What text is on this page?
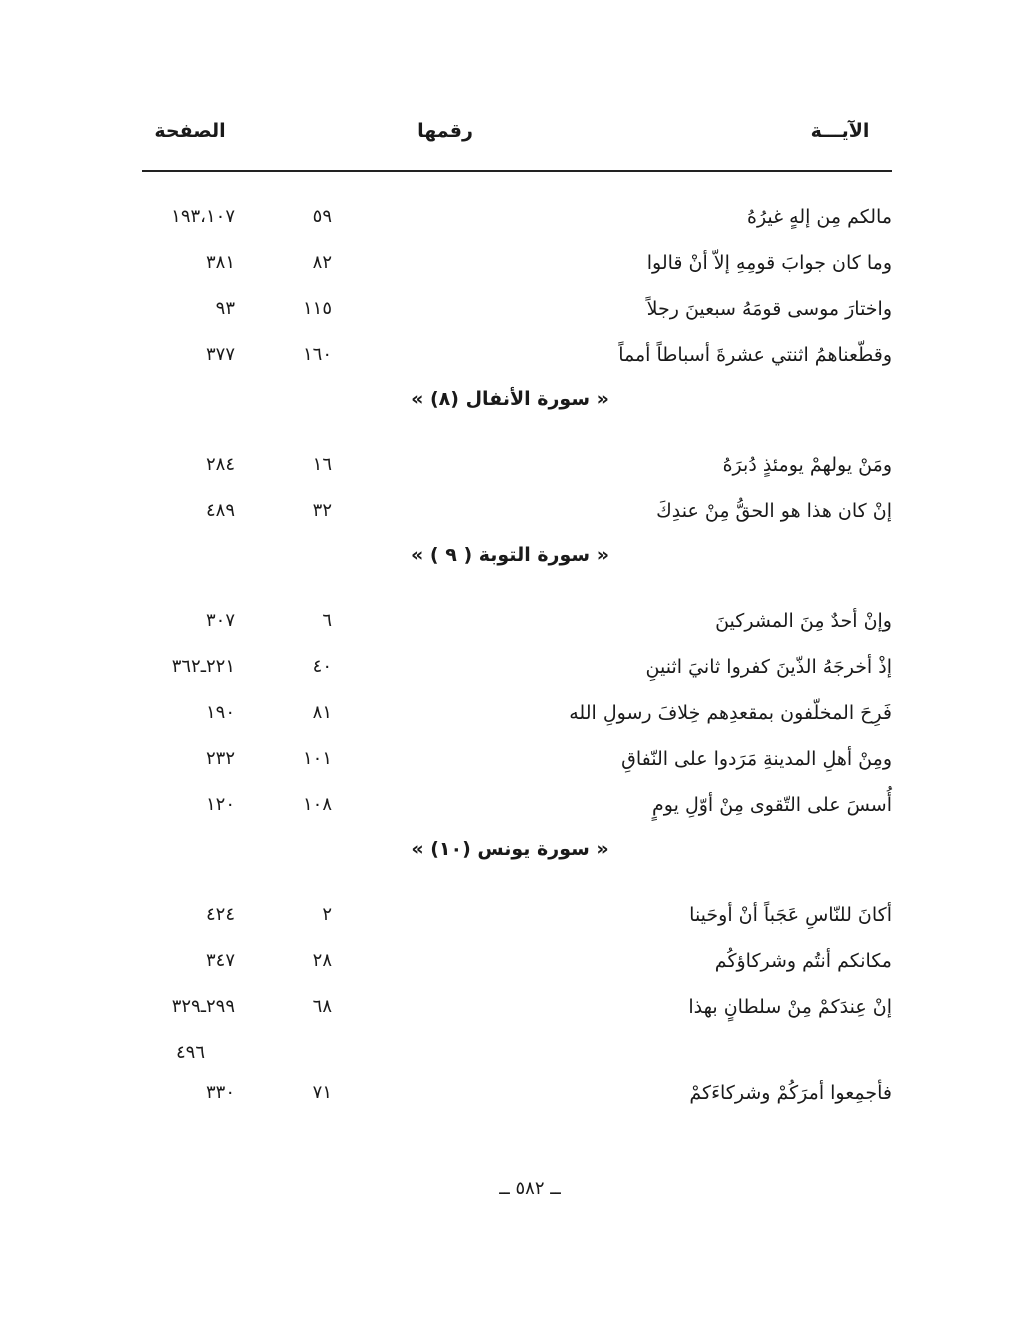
الآيـــة
رقمها
الصفحة
مالكم مِن إلهٍ غيرُهُ
٥٩
١٩٣،١٠٧
وما كان جوابَ قومِهِ إلاّ أنْ قالوا
٨٢
٣٨١
واختارَ موسى قومَهُ سبعينَ رجلاً
١١٥
٩٣
وقطّعناهمُ اثنتي عشرةَ أسباطاً أمماً
١٦٠
٣٧٧
« سورة الأنفال (٨) »
ومَنْ يولهمْ يومئذٍ دُبرَهُ
١٦
٢٨٤
إنْ كان هذا هو الحقُّ مِنْ عندِكَ
٣٢
٤٨٩
« سورة التوبة ( ٩ ) »
وإنْ أحدٌ مِنَ المشركينَ
٦
٣٠٧
إذْ أخرجَهُ الذّينَ كفروا ثانيَ اثنينِ
٤٠
٢٢١ـ٣٦٢
فَرِحَ المخلّفون بمقعدِهم خِلافَ رسولِ الله
٨١
١٩٠
ومِنْ أهلِ المدينةِ مَرَدوا على النّفاقِ
١٠١
٢٣٢
أُسسَ على التّقوى مِنْ أوّلِ يومٍ
١٠٨
١٢٠
« سورة يونس (١٠) »
أكانَ للنّاسِ عَجَباً أنْ أوحَينا
٢
٤٢٤
مكانكم أنتُم وشركاؤكُم
٢٨
٣٤٧
إنْ عِندَكمْ مِنْ سلطانٍ بهذا
٦٨
٢٩٩ـ٣٢٩
٤٩٦
فأجمِعوا أمرَكُمْ وشركاءَكمْ
٧١
٣٣٠
ــ ٥٨٢ ــ
